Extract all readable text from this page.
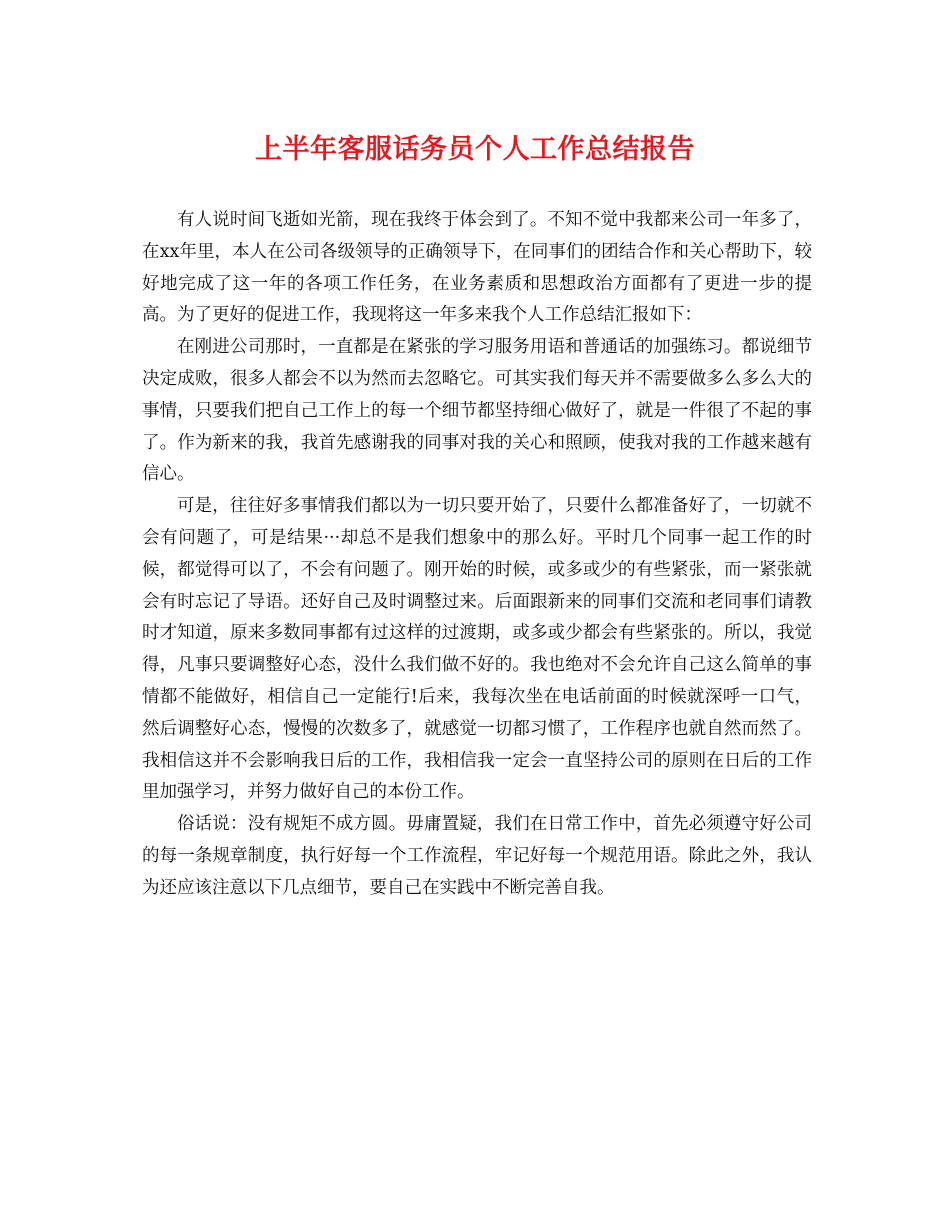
上半年客服话务员个人工作总结报告

有人说时间飞逝如光箭，现在我终于体会到了。不知不觉中我都来公司一年多了，在xx年里，本人在公司各级领导的正确领导下，在同事们的团结合作和关心帮助下，较好地完成了这一年的各项工作任务，在业务素质和思想政治方面都有了更进一步的提高。为了更好的促进工作，我现将这一年多来我个人工作总结汇报如下：

在刚进公司那时，一直都是在紧张的学习服务用语和普通话的加强练习。都说细节决定成败，很多人都会不以为然而去忽略它。可其实我们每天并不需要做多么多么大的事情，只要我们把自己工作上的每一个细节都坚持细心做好了，就是一件很了不起的事了。作为新来的我，我首先感谢我的同事对我的关心和照顾，使我对我的工作越来越有信心。

可是，往往好多事情我们都以为一切只要开始了，只要什么都准备好了，一切就不会有问题了，可是结果···却总不是我们想象中的那么好。平时几个同事一起工作的时候，都觉得可以了，不会有问题了。刚开始的时候，或多或少的有些紧张，而一紧张就会有时忘记了导语。还好自己及时调整过来。后面跟新来的同事们交流和老同事们请教时才知道，原来多数同事都有过这样的过渡期，或多或少都会有些紧张的。所以，我觉得，凡事只要调整好心态，没什么我们做不好的。我也绝对不会允许自己这么简单的事情都不能做好，相信自己一定能行!后来，我每次坐在电话前面的时候就深呼一口气，然后调整好心态，慢慢的次数多了，就感觉一切都习惯了，工作程序也就自然而然了。我相信这并不会影响我日后的工作，我相信我一定会一直坚持公司的原则在日后的工作里加强学习，并努力做好自己的本份工作。

俗话说：没有规矩不成方圆。毋庸置疑，我们在日常工作中，首先必须遵守好公司的每一条规章制度，执行好每一个工作流程，牢记好每一个规范用语。除此之外，我认为还应该注意以下几点细节，要自己在实践中不断完善自我。
